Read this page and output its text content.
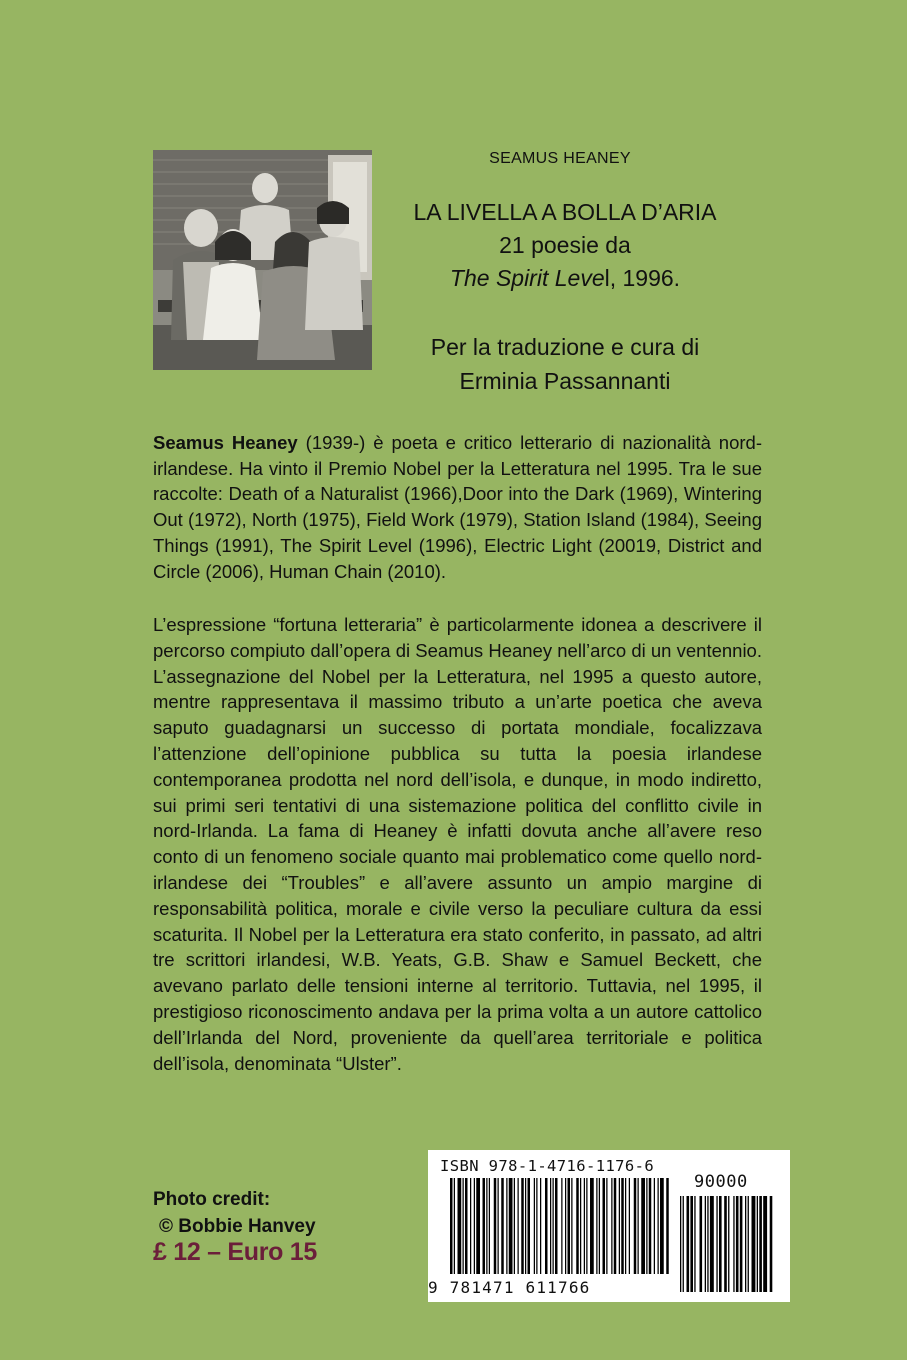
SEAMUS HEANEY
LA LIVELLA A BOLLA D’ARIA
21 poesie da
The Spirit Level, 1996.
Per la traduzione e cura di
Erminia Passannanti
Seamus Heaney (1939-) è poeta e critico letterario di nazionalità nord-irlandese. Ha vinto il Premio Nobel per la Letteratura nel 1995. Tra le sue raccolte: Death of a Naturalist (1966),Door into the Dark (1969), Wintering Out (1972), North (1975), Field Work (1979), Station Island (1984), Seeing Things (1991), The Spirit Level (1996), Electric Light (20019, District and Circle (2006), Human Chain (2010).
L’espressione “fortuna letteraria” è particolarmente idonea a descrivere il percorso compiuto dall’opera di Seamus Heaney nell’arco di un ventennio. L’assegnazione del Nobel per la Letteratura, nel 1995 a questo autore, mentre rappresentava il massimo tributo a un’arte poetica che aveva saputo guadagnarsi un successo di portata mondiale, focalizzava l’attenzione dell’opinione pubblica su tutta la poesia irlandese contemporanea prodotta nel nord dell’isola, e dunque, in modo indiretto, sui primi seri tentativi di una sistemazione politica del conflitto civile in nord-Irlanda. La fama di Heaney è infatti dovuta anche all’avere reso conto di un fenomeno sociale quanto mai problematico come quello nord-irlandese dei “Troubles” e all’avere assunto un ampio margine di responsabilità politica, morale e civile verso la peculiare cultura da essi scaturita. Il Nobel per la Letteratura era stato conferito, in passato, ad altri tre scrittori irlandesi, W.B. Yeats, G.B. Shaw e Samuel Beckett, che avevano parlato delle tensioni interne al territorio. Tuttavia, nel 1995, il prestigioso riconoscimento andava per la prima volta a un autore cattolico dell’Irlanda del Nord, proveniente da quell’area territoriale e politica dell’isola, denominata “Ulster”.
Photo credit:
© Bobbie Hanvey
£ 12 – Euro 15
ISBN 978-1-4716-1176-6
90000
9 781471 611766
